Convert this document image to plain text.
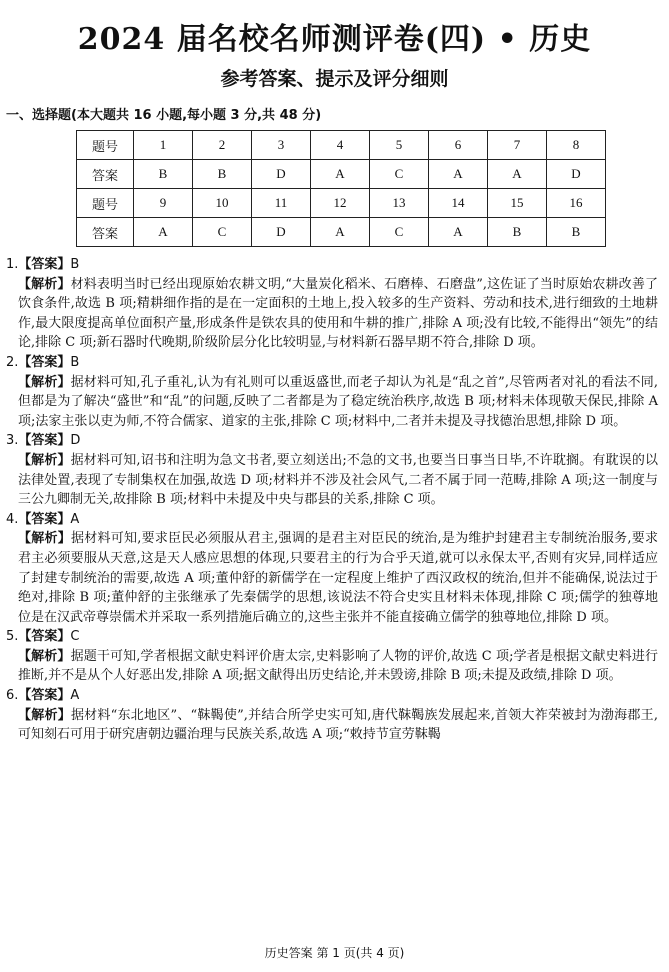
2024 届名校名师测评卷(四) • 历史
参考答案、提示及评分细则
一、选择题(本大题共 16 小题,每小题 3 分,共 48 分)
题号	1	2	3	4	5	6	7	8
答案	B	B	D	A	C	A	A	D
题号	9	10	11	12	13	14	15	16
答案	A	C	D	A	C	A	B	B

1.【答案】B

【解析】材料表明当时已经出现原始农耕文明,“大量炭化稻米、石磨棒、石磨盘”,这佐证了当时原始农耕改善了饮食条件,故选 B 项;精耕细作指的是在一定面积的土地上,投入较多的生产资料、劳动和技术,进行细致的土地耕作,最大限度提高单位面积产量,形成条件是铁农具的使用和牛耕的推广,排除 A 项;没有比较,不能得出“领先”的结论,排除 C 项;新石器时代晚期,阶级阶层分化比较明显,与材料新石器早期不符合,排除 D 项。

2.【答案】B

【解析】据材料可知,孔子重礼,认为有礼则可以重返盛世,而老子却认为礼是“乱之首”,尽管两者对礼的看法不同,但都是为了解决“盛世”和“乱”的问题,反映了二者都是为了稳定统治秩序,故选 B 项;材料未体现敬天保民,排除 A 项;法家主张以吏为师,不符合儒家、道家的主张,排除 C 项;材料中,二者并未提及寻找德治思想,排除 D 项。

3.【答案】D

【解析】据材料可知,诏书和注明为急文书者,要立刻送出;不急的文书,也要当日事当日毕,不许耽搁。有耽误的以法律处置,表现了专制集权在加强,故选 D 项;材料并不涉及社会风气,二者不属于同一范畴,排除 A 项;这一制度与三公九卿制无关,故排除 B 项;材料中未提及中央与郡县的关系,排除 C 项。

4.【答案】A

【解析】据材料可知,要求臣民必须服从君主,强调的是君主对臣民的统治,是为维护封建君主专制统治服务,要求君主必须要服从天意,这是天人感应思想的体现,只要君主的行为合乎天道,就可以永保太平,否则有灾异,同样适应了封建专制统治的需要,故选 A 项;董仲舒的新儒学在一定程度上维护了西汉政权的统治,但并不能确保,说法过于绝对,排除 B 项;董仲舒的主张继承了先秦儒学的思想,该说法不符合史实且材料未体现,排除 C 项;儒学的独尊地位是在汉武帝尊崇儒术并采取一系列措施后确立的,这些主张并不能直接确立儒学的独尊地位,排除 D 项。

5.【答案】C

【解析】据题干可知,学者根据文献史料评价唐太宗,史料影响了人物的评价,故选 C 项;学者是根据文献史料进行推断,并不是从个人好恶出发,排除 A 项;据文献得出历史结论,并未毁谤,排除 B 项;未提及政绩,排除 D 项。

6.【答案】A

【解析】据材料“东北地区”、“靺鞨使”,并结合所学史实可知,唐代靺鞨族发展起来,首领大祚荣被封为渤海郡王,可知刻石可用于研究唐朝边疆治理与民族关系,故选 A 项;“敕持节宣劳靺鞨

历史答案 第 1 页(共 4 页)
